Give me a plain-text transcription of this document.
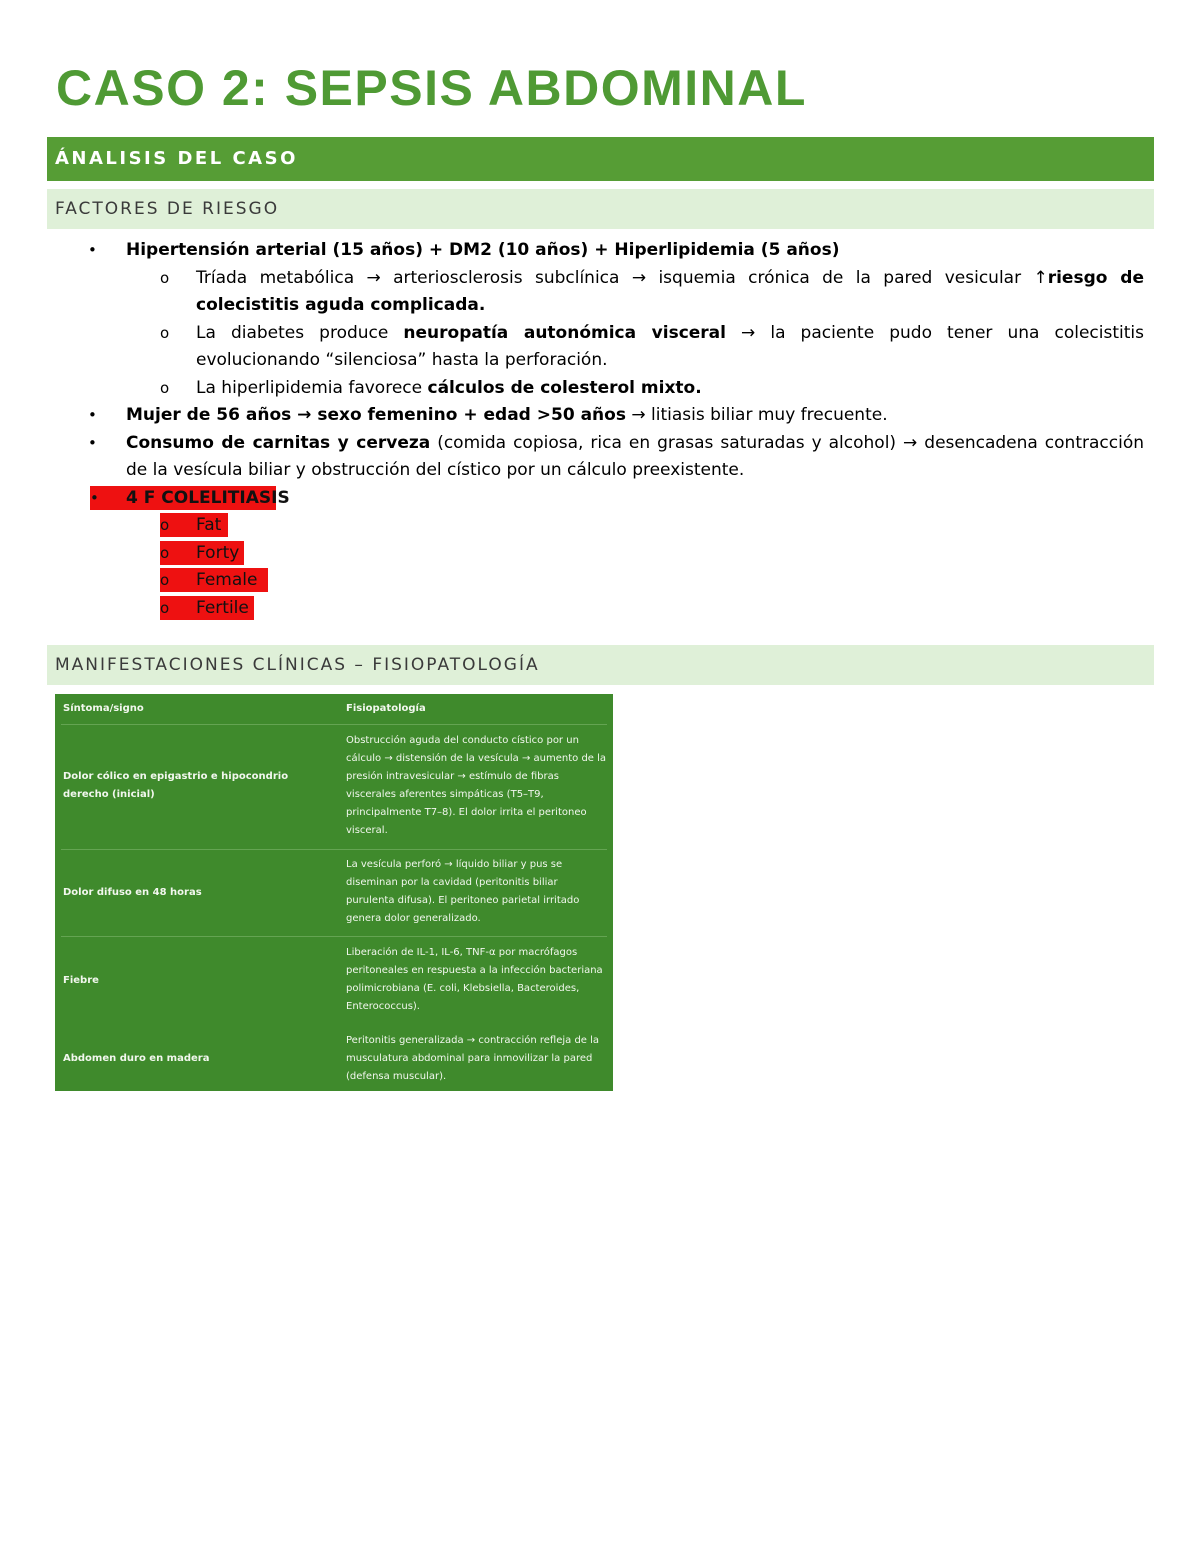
CASO 2: SEPSIS ABDOMINAL
ÁNALISIS DEL CASO
FACTORES DE RIESGO
• Hipertensión arterial (15 años) + DM2 (10 años) + Hiperlipidemia (5 años)
o Tríada metabólica → arteriosclerosis subclínica → isquemia crónica de la pared vesicular ↑riesgo de colecistitis aguda complicada.
o La diabetes produce neuropatía autonómica visceral → la paciente pudo tener una colecistitis evolucionando “silenciosa” hasta la perforación.
o La hiperlipidemia favorece cálculos de colesterol mixto.
• Mujer de 56 años → sexo femenino + edad >50 años → litiasis biliar muy frecuente.
• Consumo de carnitas y cerveza (comida copiosa, rica en grasas saturadas y alcohol) → desencadena contracción de la vesícula biliar y obstrucción del cístico por un cálculo preexistente.
• 4 F COLELITIASIS
o Fat
o Forty
o Female
o Fertile
MANIFESTACIONES CLÍNICAS – FISIOPATOLOGÍA
Síntoma/signo	Fisiopatología
Dolor cólico en epigastrio e hipocondrio derecho (inicial)
Obstrucción aguda del conducto cístico por un cálculo → distensión de la vesícula → aumento de la presión intravesicular → estímulo de fibras viscerales aferentes simpáticas (T5–T9, principalmente T7–8). El dolor irrita el peritoneo visceral.
Dolor difuso en 48 horas
La vesícula perforó → líquido biliar y pus se diseminan por la cavidad (peritonitis biliar purulenta difusa). El peritoneo parietal irritado genera dolor generalizado.
Fiebre
Liberación de IL-1, IL-6, TNF-α por macrófagos peritoneales en respuesta a la infección bacteriana polimicrobiana (E. coli, Klebsiella, Bacteroides, Enterococcus).
Abdomen duro en madera
Peritonitis generalizada → contracción refleja de la musculatura abdominal para inmovilizar la pared (defensa muscular).
